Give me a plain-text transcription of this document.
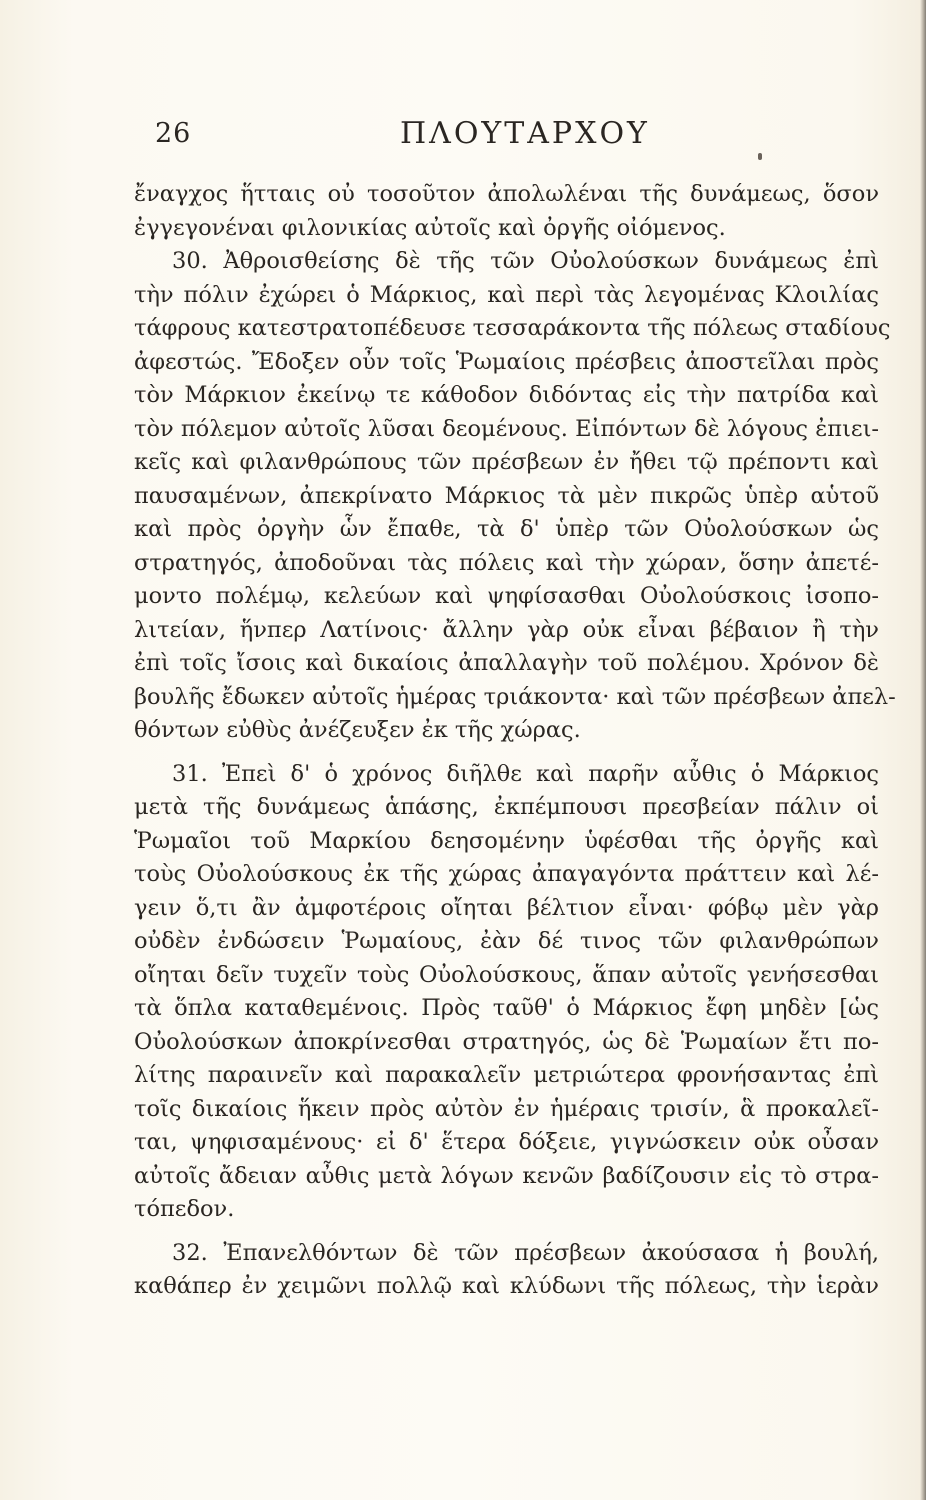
26	ΠΛΟΥΤΑΡΧΟΥ
ἔναγχος ἥτταις οὐ τοσοῦτον ἀπολωλέναι τῆς δυνάμεως, ὅσον
ἐγγεγονέναι φιλονικίας αὐτοῖς καὶ ὀργῆς οἰόμενος.
30. Ἀθροισθείσης δὲ τῆς τῶν Οὐολούσκων δυνάμεως ἐπὶ
τὴν πόλιν ἐχώρει ὁ Μάρκιος, καὶ περὶ τὰς λεγομένας Κλοιλίας
τάφρους κατεστρατοπέδευσε τεσσαράκοντα τῆς πόλεως σταδίους
ἀφεστώς. Ἔδοξεν οὖν τοῖς Ῥωμαίοις πρέσβεις ἀποστεῖλαι πρὸς
τὸν Μάρκιον ἐκείνῳ τε κάθοδον διδόντας εἰς τὴν πατρίδα καὶ
τὸν πόλεμον αὐτοῖς λῦσαι δεομένους. Εἰπόντων δὲ λόγους ἐπιει-
κεῖς καὶ φιλανθρώπους τῶν πρέσβεων ἐν ἤθει τῷ πρέποντι καὶ
παυσαμένων, ἀπεκρίνατο Μάρκιος τὰ μὲν πικρῶς ὑπὲρ αὑτοῦ
καὶ πρὸς ὀργὴν ὧν ἔπαθε, τὰ δ' ὑπὲρ τῶν Οὐολούσκων ὡς
στρατηγός, ἀποδοῦναι τὰς πόλεις καὶ τὴν χώραν, ὅσην ἀπετέ-
μοντο πολέμῳ, κελεύων καὶ ψηφίσασθαι Οὐολούσκοις ἰσοπο-
λιτείαν, ἥνπερ Λατίνοις· ἄλλην γὰρ οὐκ εἶναι βέβαιον ἢ τὴν
ἐπὶ τοῖς ἴσοις καὶ δικαίοις ἀπαλλαγὴν τοῦ πολέμου. Χρόνον δὲ
βουλῆς ἔδωκεν αὐτοῖς ἡμέρας τριάκοντα· καὶ τῶν πρέσβεων ἀπελ-
θόντων εὐθὺς ἀνέζευξεν ἐκ τῆς χώρας.
31. Ἐπεὶ δ' ὁ χρόνος διῆλθε καὶ παρῆν αὖθις ὁ Μάρκιος
μετὰ τῆς δυνάμεως ἁπάσης, ἐκπέμπουσι πρεσβείαν πάλιν οἱ
Ῥωμαῖοι τοῦ Μαρκίου δεησομένην ὑφέσθαι τῆς ὀργῆς καὶ
τοὺς Οὐολούσκους ἐκ τῆς χώρας ἀπαγαγόντα πράττειν καὶ λέ-
γειν ὅ,τι ἂν ἀμφοτέροις οἴηται βέλτιον εἶναι· φόβῳ μὲν γὰρ
οὐδὲν ἐνδώσειν Ῥωμαίους, ἐὰν δέ τινος τῶν φιλανθρώπων
οἴηται δεῖν τυχεῖν τοὺς Οὐολούσκους, ἅπαν αὐτοῖς γενήσεσθαι
τὰ ὅπλα καταθεμένοις. Πρὸς ταῦθ' ὁ Μάρκιος ἔφη μηδὲν [ὡς
Οὐολούσκων ἀποκρίνεσθαι στρατηγός, ὡς δὲ Ῥωμαίων ἔτι πο-
λίτης παραινεῖν καὶ παρακαλεῖν μετριώτερα φρονήσαντας ἐπὶ
τοῖς δικαίοις ἥκειν πρὸς αὐτὸν ἐν ἡμέραις τρισίν, ἃ προκαλεῖ-
ται, ψηφισαμένους· εἰ δ' ἕτερα δόξειε, γιγνώσκειν οὐκ οὖσαν
αὐτοῖς ἄδειαν αὖθις μετὰ λόγων κενῶν βαδίζουσιν εἰς τὸ στρα-
τόπεδον.
32. Ἐπανελθόντων δὲ τῶν πρέσβεων ἀκούσασα ἡ βουλή,
καθάπερ ἐν χειμῶνι πολλῷ καὶ κλύδωνι τῆς πόλεως, τὴν ἱερὰν
